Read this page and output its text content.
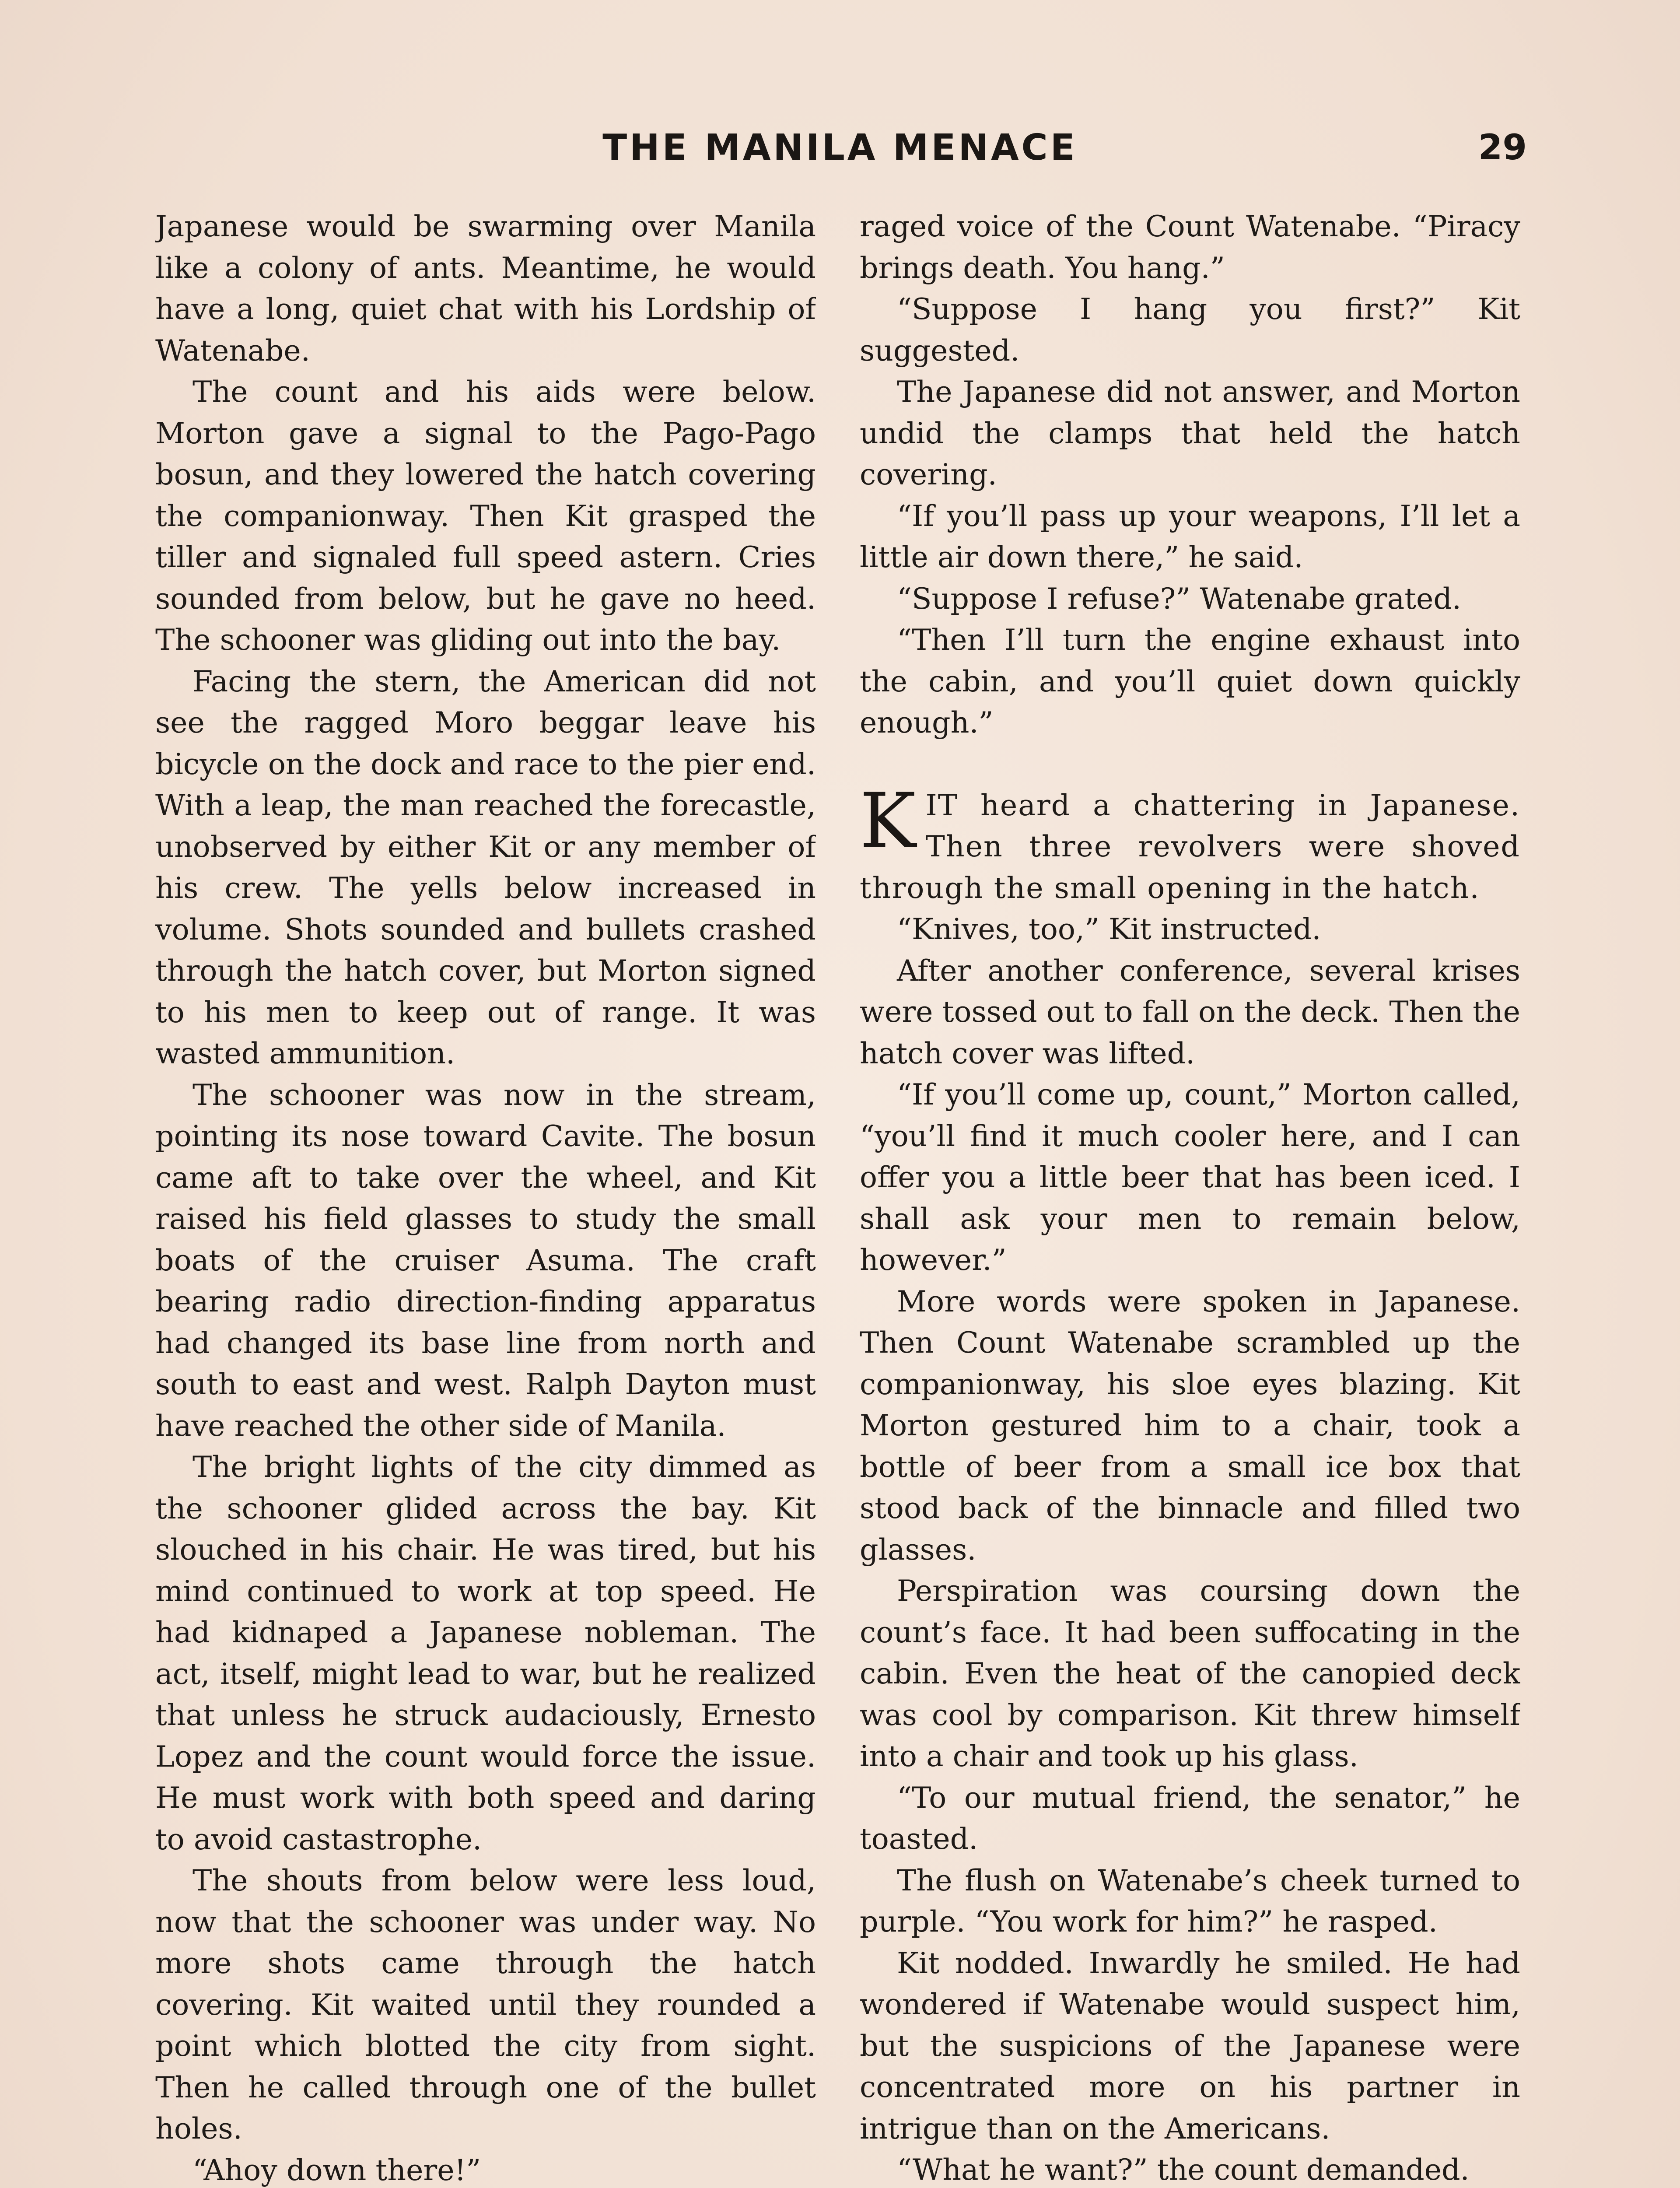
THE MANILA MENACE	29

Japanese would be swarming over Manila like a colony of ants. Meantime, he would have a long, quiet chat with his Lordship of Watenabe.

The count and his aids were below. Morton gave a signal to the Pago-Pago bosun, and they lowered the hatch covering the companionway. Then Kit grasped the tiller and signaled full speed astern. Cries sounded from below, but he gave no heed. The schooner was gliding out into the bay.

Facing the stern, the American did not see the ragged Moro beggar leave his bicycle on the dock and race to the pier end. With a leap, the man reached the forecastle, unobserved by either Kit or any member of his crew. The yells below increased in volume. Shots sounded and bullets crashed through the hatch cover, but Morton signed to his men to keep out of range. It was wasted ammunition.

The schooner was now in the stream, pointing its nose toward Cavite. The bosun came aft to take over the wheel, and Kit raised his field glasses to study the small boats of the cruiser Asuma. The craft bearing radio direction-finding apparatus had changed its base line from north and south to east and west. Ralph Dayton must have reached the other side of Manila.

The bright lights of the city dimmed as the schooner glided across the bay. Kit slouched in his chair. He was tired, but his mind continued to work at top speed. He had kidnaped a Japanese nobleman. The act, itself, might lead to war, but he realized that unless he struck audaciously, Ernesto Lopez and the count would force the issue. He must work with both speed and daring to avoid castastrophe.

The shouts from below were less loud, now that the schooner was under way. No more shots came through the hatch covering. Kit waited until they rounded a point which blotted the city from sight. Then he called through one of the bullet holes.

“Ahoy down there!”

raged voice of the Count Watenabe. “Piracy brings death. You hang.”

“Suppose I hang you first?” Kit suggested.

The Japanese did not answer, and Morton undid the clamps that held the hatch covering.

“If you’ll pass up your weapons, I’ll let a little air down there,” he said.

“Suppose I refuse?” Watenabe grated.

“Then I’ll turn the engine exhaust into the cabin, and you’ll quiet down quickly enough.”

KIT heard a chattering in Japanese. Then three revolvers were shoved through the small opening in the hatch.

“Knives, too,” Kit instructed.

After another conference, several krises were tossed out to fall on the deck. Then the hatch cover was lifted.

“If you’ll come up, count,” Morton called, “you’ll find it much cooler here, and I can offer you a little beer that has been iced. I shall ask your men to remain below, however.”

More words were spoken in Japanese. Then Count Watenabe scrambled up the companionway, his sloe eyes blazing. Kit Morton gestured him to a chair, took a bottle of beer from a small ice box that stood back of the binnacle and filled two glasses.

Perspiration was coursing down the count’s face. It had been suffocating in the cabin. Even the heat of the canopied deck was cool by comparison. Kit threw himself into a chair and took up his glass.

“To our mutual friend, the senator,” he toasted.

The flush on Watenabe’s cheek turned to purple. “You work for him?” he rasped.

Kit nodded. Inwardly he smiled. He had wondered if Watenabe would suspect him, but the suspicions of the Japanese were concentrated more on his partner in intrigue than on the Americans.

“What he want?” the count demanded.
